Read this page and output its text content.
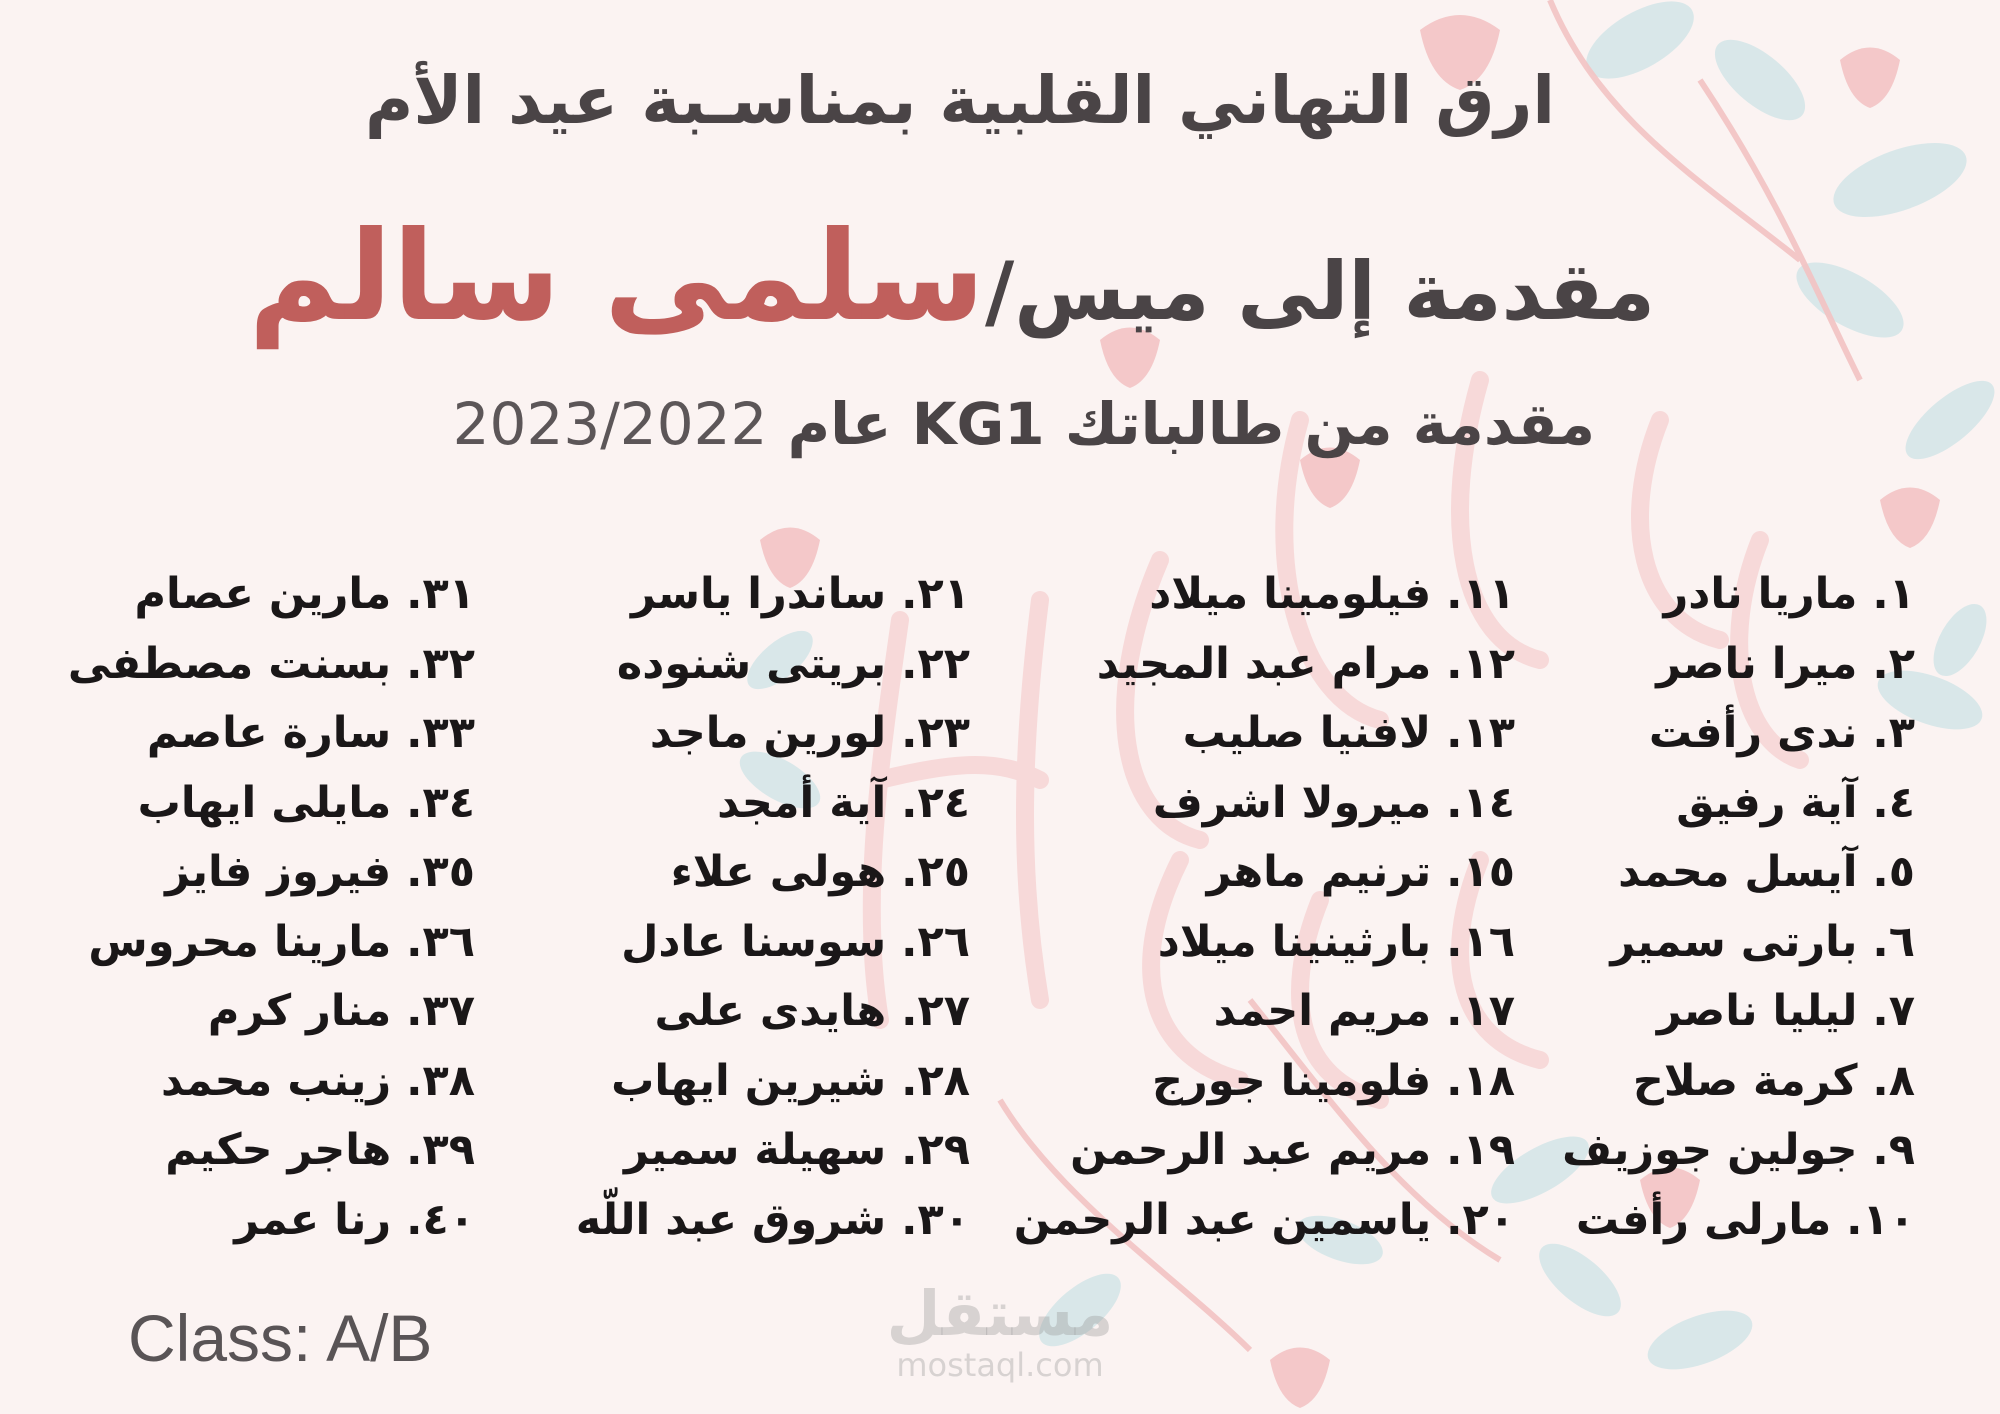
ارق التهاني القلبية بمناسـبة عيد الأم
مقدمة إلى ميس/سلمى سالم
مقدمة من طالباتك KG1 عام 2023/2022
١. ماريا نادر
٢. ميرا ناصر
٣. ندى رأفت
٤. آية رفيق
٥. آيسل محمد
٦. بارتى سمير
٧. ليليا ناصر
٨. كرمة صلاح
٩. جولين جوزيف
١٠. مارلى رأفت
١١. فيلومينا ميلاد
١٢. مرام عبد المجيد
١٣. لافنيا صليب
١٤. ميرولا اشرف
١٥. ترنيم ماهر
١٦. بارثينينا ميلاد
١٧. مريم احمد
١٨. فلومينا جورج
١٩. مريم عبد الرحمن
٢٠. ياسمين عبد الرحمن
٢١. ساندرا ياسر
٢٢. بريتى شنوده
٢٣. لورين ماجد
٢٤. آية أمجد
٢٥. هولى علاء
٢٦. سوسنا عادل
٢٧. هايدى على
٢٨. شيرين ايهاب
٢٩. سهيلة سمير
٣٠. شروق عبد اللّه
٣١. مارين عصام
٣٢. بسنت مصطفى
٣٣. سارة عاصم
٣٤. مايلى ايهاب
٣٥. فيروز فايز
٣٦. مارينا محروس
٣٧. منار كرم
٣٨. زينب محمد
٣٩. هاجر حكيم
٤٠. رنا عمر
Class: A/B	مستقل
mostaql.com
